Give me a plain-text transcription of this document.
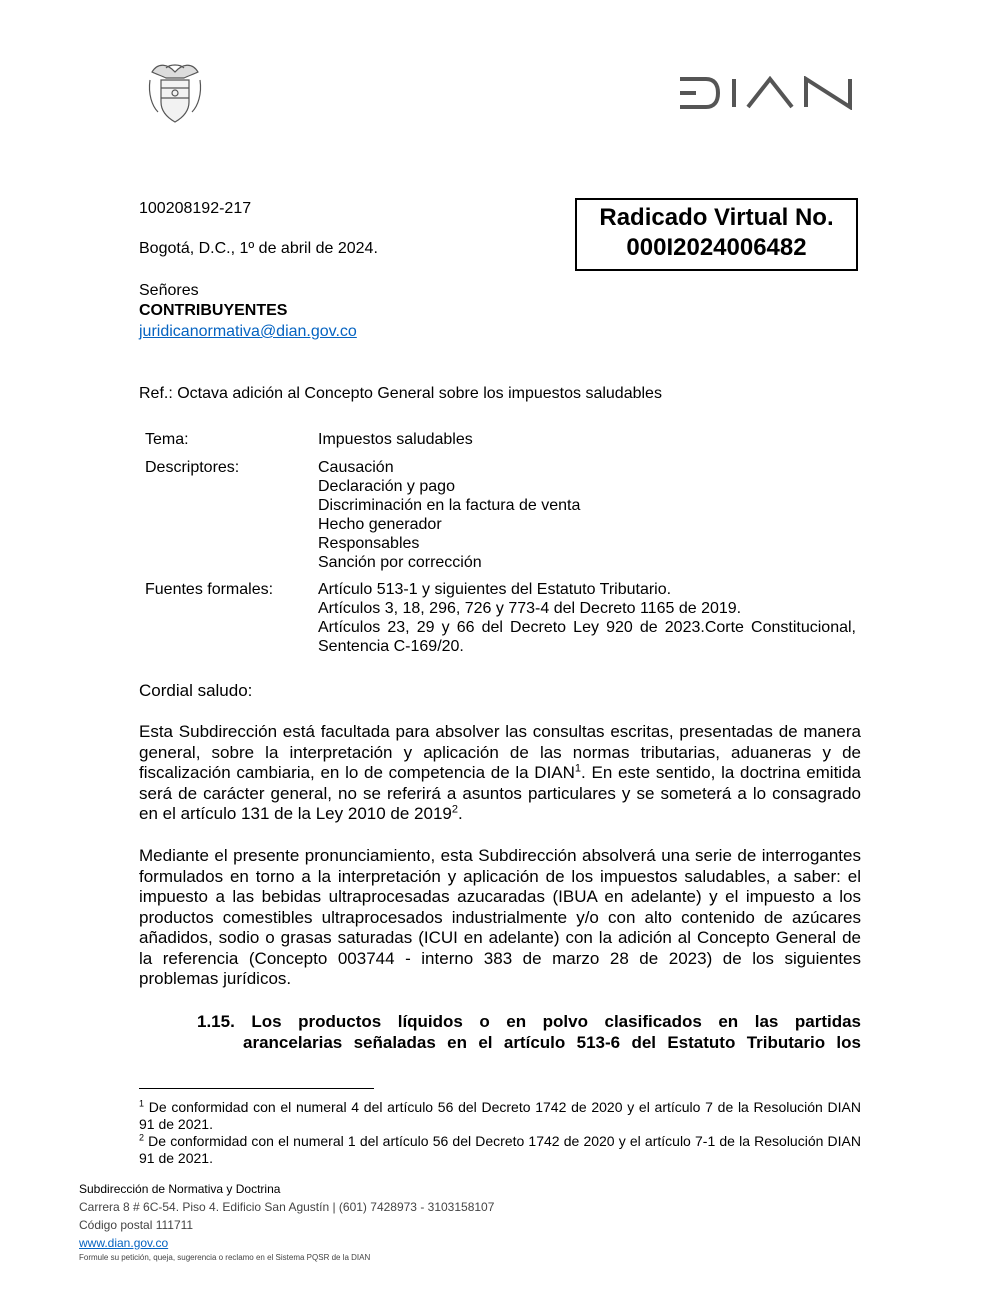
100208192-217
Bogotá, D.C., 1º de abril de 2024.
Radicado Virtual No.
000I2024006482
Señores
CONTRIBUYENTES
juridicanormativa@dian.gov.co
Ref.: Octava adición al Concepto General sobre los impuestos saludables
Tema:	Impuestos saludables
Descriptores:	Causación
Declaración y pago
Discriminación en la factura de venta
Hecho generador
Responsables
Sanción por corrección
Fuentes formales:	Artículo 513-1 y siguientes del Estatuto Tributario.
Artículos 3, 18, 296, 726 y 773-4 del Decreto 1165 de 2019.
Artículos 23, 29 y 66 del Decreto Ley 920 de 2023.Corte Constitucional,
Sentencia C-169/20.
Cordial saludo:
Esta Subdirección está facultada para absolver las consultas escritas, presentadas de manera general, sobre la interpretación y aplicación de las normas tributarias, aduaneras y de fiscalización cambiaria, en lo de competencia de la DIAN$^1$. En este sentido, la doctrina emitida será de carácter general, no se referirá a asuntos particulares y se someterá a lo consagrado en el artículo 131 de la Ley 2010 de 2019$^2$.
Mediante el presente pronunciamiento, esta Subdirección absolverá una serie de interrogantes formulados en torno a la interpretación y aplicación de los impuestos saludables, a saber: el impuesto a las bebidas ultraprocesadas azucaradas (IBUA en adelante) y el impuesto a los productos comestibles ultraprocesados industrialmente y/o con alto contenido de azúcares añadidos, sodio o grasas saturadas (ICUI en adelante) con la adición al Concepto General de la referencia (Concepto 003744 - interno 383 de marzo 28 de 2023) de los siguientes problemas jurídicos.
1.15. Los productos líquidos o en polvo clasificados en las partidas
arancelarias señaladas en el artículo 513-6 del Estatuto Tributario los
$^1$ De conformidad con el numeral 4 del artículo 56 del Decreto 1742 de 2020 y el artículo 7 de la Resolución DIAN 91 de 2021.
$^2$ De conformidad con el numeral 1 del artículo 56 del Decreto 1742 de 2020 y el artículo 7-1 de la Resolución DIAN 91 de 2021.
Subdirección de Normativa y Doctrina
Carrera 8 # 6C-54. Piso 4. Edificio San Agustín | (601) 7428973 - 3103158107
Código postal 111711
www.dian.gov.co
Formule su petición, queja, sugerencia o reclamo en el Sistema PQSR de la DIAN
